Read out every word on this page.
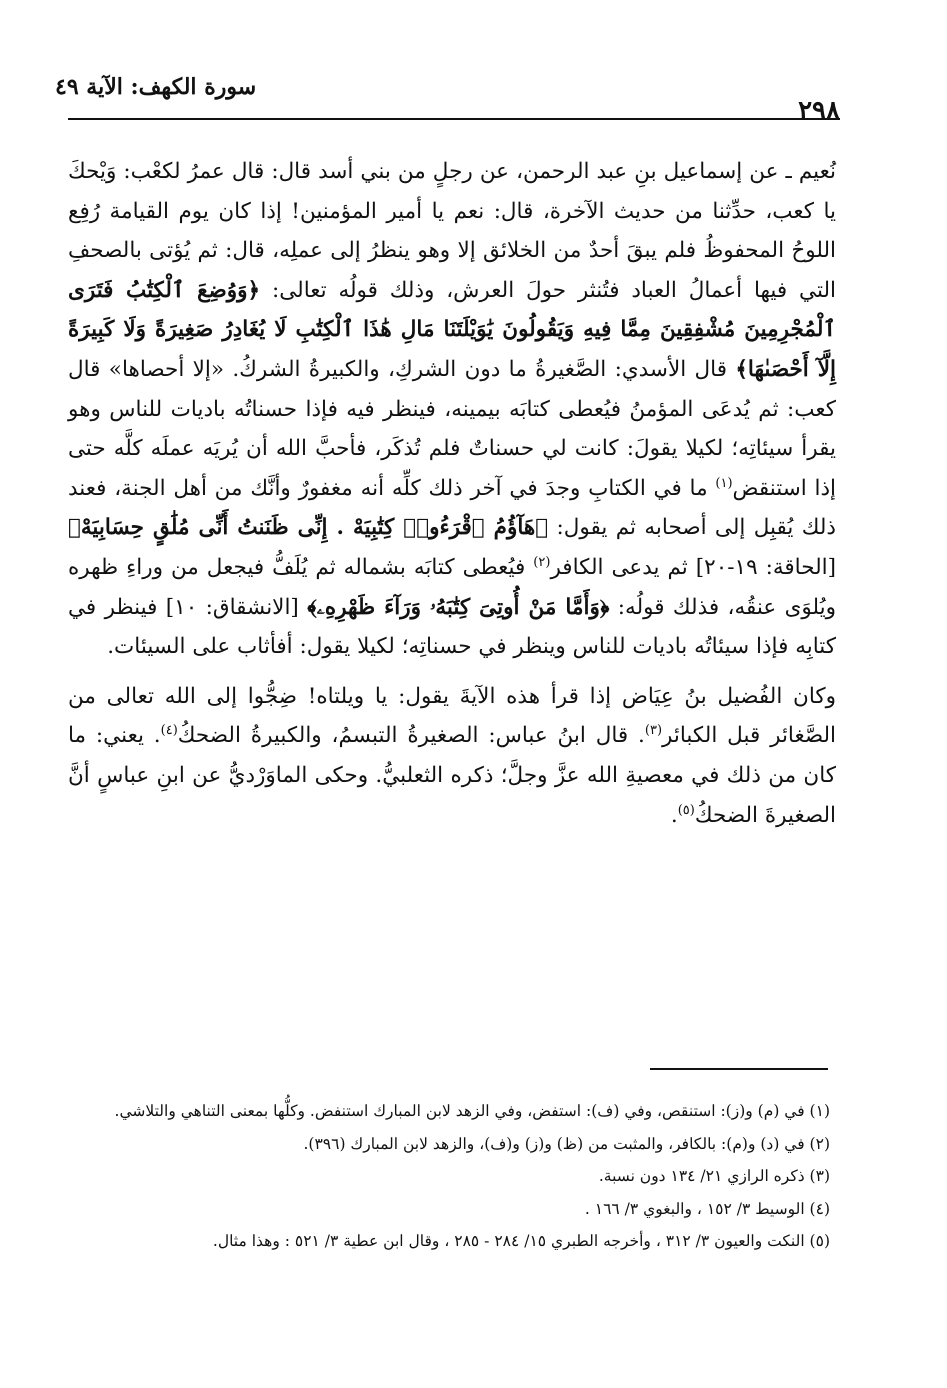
٢٩٨
سورة الكهف: الآية ٤٩

نُعيم ـ عن إسماعيل بنِ عبد الرحمن، عن رجلٍ من بني أسد قال: قال عمرُ لكعْب: وَيْحكَ يا كعب، حدِّثنا من حديث الآخرة، قال: نعم يا أمير المؤمنين! إذا كان يوم القيامة رُفِع اللوحُ المحفوظُ فلم يبقَ أحدٌ من الخلائق إلا وهو ينظرُ إلى عملِه، قال: ثم يُؤتى بالصحفِ التي فيها أعمالُ العباد فتُنثر حولَ العرش، وذلك قولُه تعالى: ﴿وَوُضِعَ ٱلْكِتَٰبُ فَتَرَى ٱلْمُجْرِمِينَ مُشْفِقِينَ مِمَّا فِيهِ وَيَقُولُونَ يَٰوَيْلَتَنَا مَالِ هَٰذَا ٱلْكِتَٰبِ لَا يُغَادِرُ صَغِيرَةً وَلَا كَبِيرَةً إِلَّآ أَحْصَىٰهَا﴾ قال الأسدي: الصَّغيرةُ ما دون الشركِ، والكبيرةُ الشركُ. «إلا أحصاها» قال كعب: ثم يُدعَى المؤمنُ فيُعطى كتابَه بيمينه، فينظر فيه فإذا حسناتُه باديات للناس وهو يقرأ سيئاتِه؛ لكيلا يقولَ: كانت لي حسناتٌ فلم تُذكَر، فأحبَّ الله أن يُريَه عملَه كلَّه حتى إذا استنقض$^{(١)}$ ما في الكتابِ وجدَ في آخر ذلك كلِّه أنه مغفورٌ وأنَّك من أهل الجنة، فعند ذلك يُقبِل إلى أصحابه ثم يقول: ﴿هَآؤُمُ ٱقْرَءُوا۟ كِتَٰبِيَهْ . إِنِّى ظَنَنتُ أَنِّى مُلَٰقٍ حِسَابِيَهْ﴾ [الحاقة: ١٩-٢٠] ثم يدعى الكافر$^{(٢)}$ فيُعطى كتابَه بشماله ثم يُلَفُّ فيجعل من وراءِ ظهره ويُلوَى عنقُه، فذلك قولُه: ﴿وَأَمَّا مَنْ أُوتِىَ كِتَٰبَهُۥ وَرَآءَ ظَهْرِهِۦ﴾ [الانشقاق: ١٠] فينظر في كتابِه فإذا سيئاتُه باديات للناس وينظر في حسناتِه؛ لكيلا يقول: أفأثاب على السيئات.

وكان الفُضيل بنُ عِيَاض إذا قرأ هذه الآيةَ يقول: يا ويلتاه! ضِجُّوا إلى الله تعالى من الصَّغائر قبل الكبائر$^{(٣)}$. قال ابنُ عباس: الصغيرةُ التبسمُ، والكبيرةُ الضحكُ$^{(٤)}$. يعني: ما كان من ذلك في معصيةِ الله عزَّ وجلَّ؛ ذكره الثعلبيُّ. وحكى الماوَرْديُّ عن ابنِ عباسٍ أنَّ الصغيرةَ الضحكُ$^{(٥)}$.

(١) في (م) و(ز): استنقص، وفي (ف): استفض، وفي الزهد لابن المبارك استنفض. وكلُّها بمعنى التناهي والتلاشي.

(٢) في (د) و(م): بالكافر، والمثبت من (ظ) و(ز) و(ف)، والزهد لابن المبارك (٣٩٦).

(٣) ذكره الرازي ٢١/ ١٣٤ دون نسبة.

(٤) الوسيط ٣/ ١٥٢ ، والبغوي ٣/ ١٦٦ .

(٥) النكت والعيون ٣/ ٣١٢ ، وأخرجه الطبري ١٥/ ٢٨٤ - ٢٨٥ ، وقال ابن عطية ٣/ ٥٢١ : وهذا مثال.
